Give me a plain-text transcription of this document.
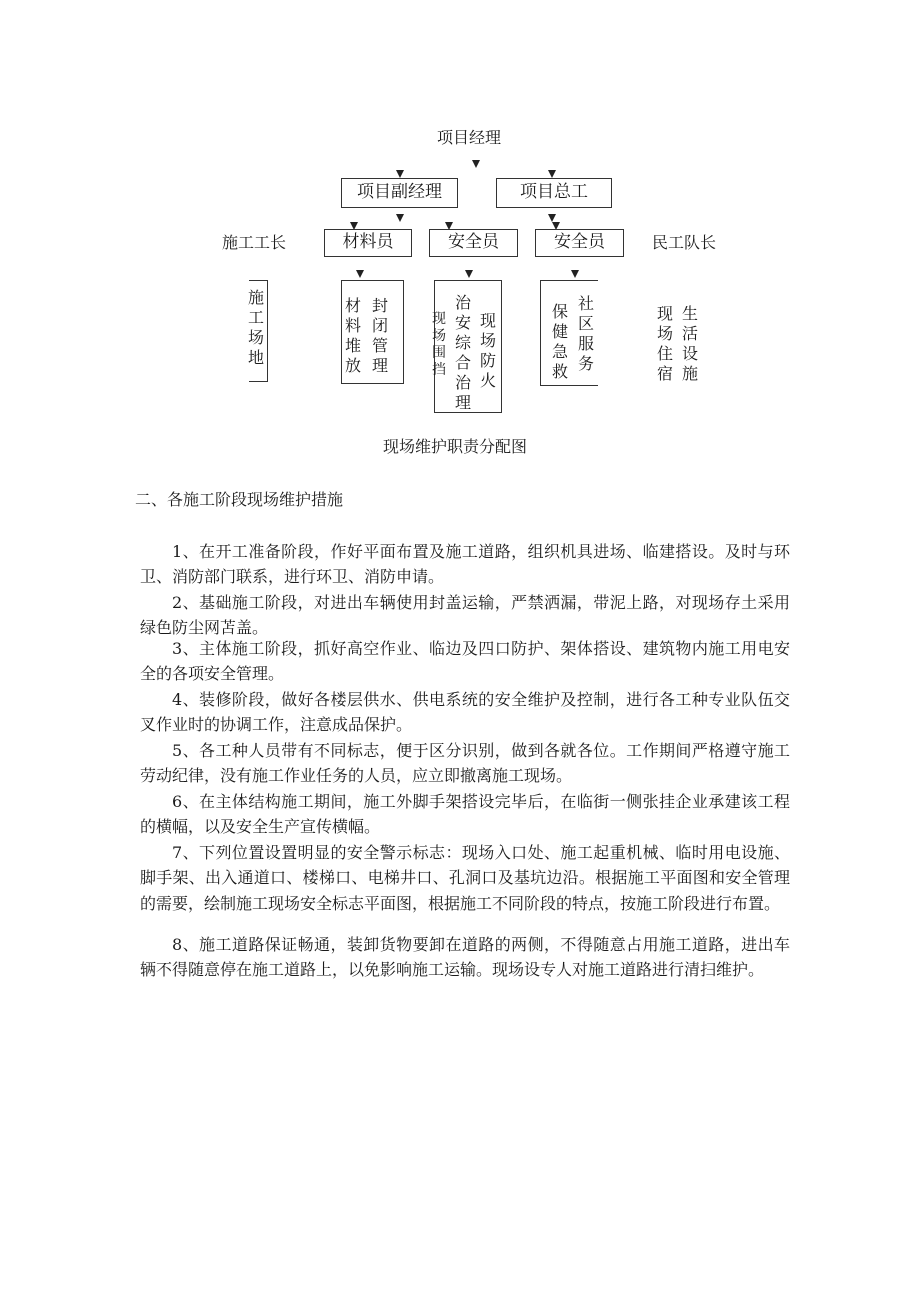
项目经理
项目副经理	项目总工
施工工长	民工队长
材料员	安全员	安全员
施工场地
材料堆放
封闭管理
现场围挡
治安综合治理
现场防火
保健急救
社区服务
现场住宿
生活设施
现场维护职责分配图
二、各施工阶段现场维护措施

1、在开工准备阶段，作好平面布置及施工道路，组织机具进场、临建搭设。及时与环卫、消防部门联系，进行环卫、消防申请。

2、基础施工阶段，对进出车辆使用封盖运输，严禁洒漏，带泥上路，对现场存土采用绿色防尘网苫盖。

3、主体施工阶段，抓好高空作业、临边及四口防护、架体搭设、建筑物内施工用电安全的各项安全管理。

4、装修阶段，做好各楼层供水、供电系统的安全维护及控制，进行各工种专业队伍交叉作业时的协调工作，注意成品保护。

5、各工种人员带有不同标志，便于区分识别，做到各就各位。工作期间严格遵守施工劳动纪律，没有施工作业任务的人员，应立即撤离施工现场。

6、在主体结构施工期间，施工外脚手架搭设完毕后，在临街一侧张挂企业承建该工程的横幅，以及安全生产宣传横幅。

7、下列位置设置明显的安全警示标志：现场入口处、施工起重机械、临时用电设施、脚手架、出入通道口、楼梯口、电梯井口、孔洞口及基坑边沿。根据施工平面图和安全管理的需要，绘制施工现场安全标志平面图，根据施工不同阶段的特点，按施工阶段进行布置。

8、施工道路保证畅通，装卸货物要卸在道路的两侧，不得随意占用施工道路，进出车辆不得随意停在施工道路上，以免影响施工运输。现场设专人对施工道路进行清扫维护。
